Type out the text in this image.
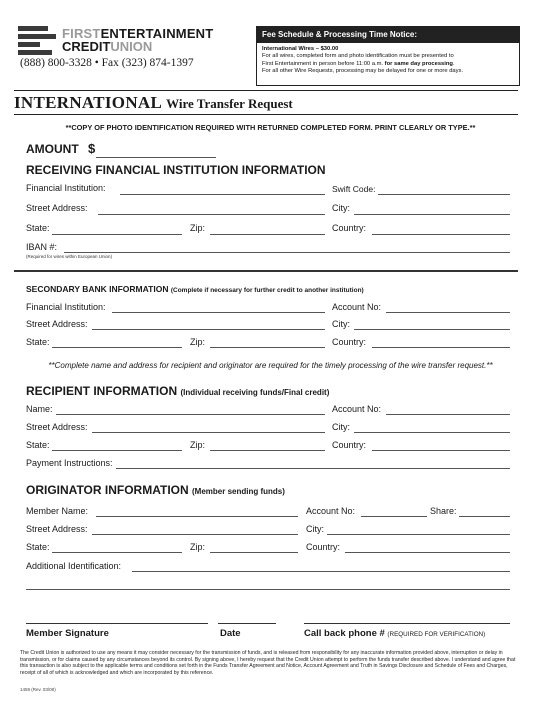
FIRSTENTERTAINMENT
CREDITUNION
(888) 800-3328 • Fax (323) 874-1397
Fee Schedule & Processing Time Notice:
International Wires – $30.00
For all wires, completed form and photo identification must be presented to
First Entertainment in person before 11:00 a.m. for same day processing.
For all other Wire Requests, processing may be delayed for one or more days.
INTERNATIONAL Wire Transfer Request
**COPY OF PHOTO IDENTIFICATION REQUIRED WITH RETURNED COMPLETED FORM. PRINT CLEARLY OR TYPE.**
AMOUNT $
RECEIVING FINANCIAL INSTITUTION INFORMATION
Financial Institution:	Swift Code:
Street Address:	City:
State:	Zip:	Country:
IBAN #:
(Required for wires within European Union)
SECONDARY BANK INFORMATION (Complete if necessary for further credit to another institution)
Financial Institution:	Account No:
Street Address:	City:
State:	Zip:	Country:
**Complete name and address for recipient and originator are required for the timely processing of the wire transfer request.**
RECIPIENT INFORMATION (Individual receiving funds/Final credit)
Name:	Account No:
Street Address:	City:
State:	Zip:	Country:
Payment Instructions:
ORIGINATOR INFORMATION (Member sending funds)
Member Name:	Account No:	Share:
Street Address:	City:
State:	Zip:	Country:
Additional Identification:
Member Signature	Date	Call back phone # (REQUIRED FOR VERIFICATION)
The Credit Union is authorized to use any means it may consider necessary for the transmission of funds, and is released from responsibility for any inaccurate information provided above, interruption or delay in transmission, or for claims caused by any circumstances beyond its control. By signing above, I hereby request that the Credit Union attempt to perform the funds transfer described above. I understand and agree that this transaction is also subject to the applicable terms and conditions set forth in the Funds Transfer Agreement and Notice, Account Agreement and Truth in Savings Disclosure and Schedule of Fees and Charges, receipt of all of which is acknowledged and which are incorporated by this reference.
1459 (Rev. 03/08)
